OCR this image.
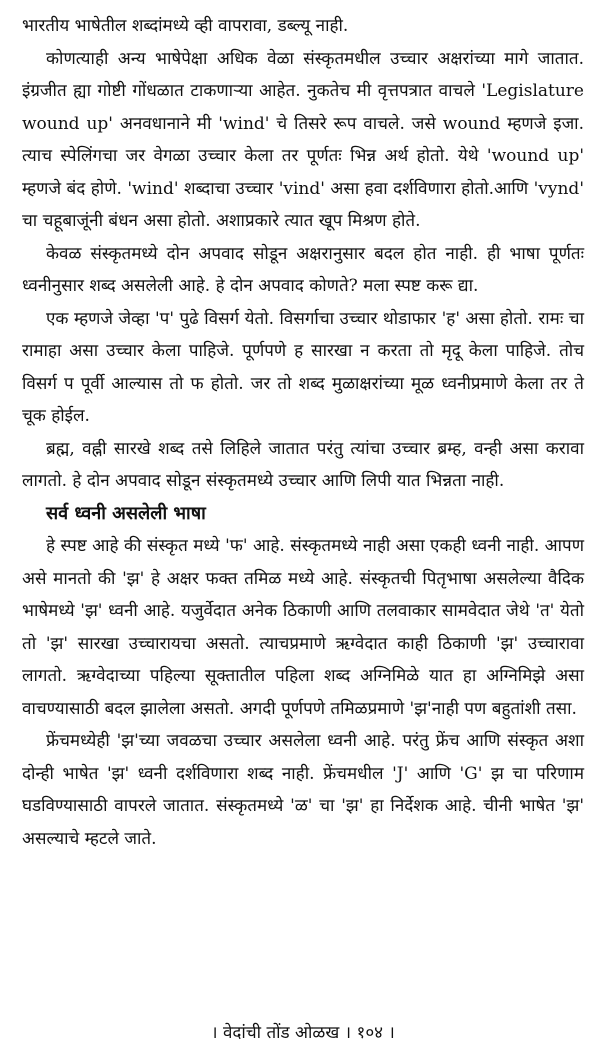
भारतीय भाषेतील शब्दांमध्ये व्ही वापरावा, डब्ल्यू नाही.

कोणत्याही अन्य भाषेपेक्षा अधिक वेळा संस्कृतमधील उच्चार अक्षरांच्या मागे जातात. इंग्रजीत ह्या गोष्टी गोंधळात टाकणाऱ्या आहेत. नुकतेच मी वृत्तपत्रात वाचले 'Legislature wound up' अनवधानाने मी 'wind' चे तिसरे रूप वाचले. जसे wound म्हणजे इजा. त्याच स्पेलिंगचा जर वेगळा उच्चार केला तर पूर्णतः भिन्न अर्थ होतो. येथे 'wound up' म्हणजे बंद होणे. 'wind' शब्दाचा उच्चार 'vind' असा हवा दर्शविणारा होतो.आणि 'vynd' चा चहूबाजूंनी बंधन असा होतो. अशाप्रकारे त्यात खूप मिश्रण होते.

केवळ संस्कृतमध्ये दोन अपवाद सोडून अक्षरानुसार बदल होत नाही. ही भाषा पूर्णतः ध्वनीनुसार शब्द असलेली आहे. हे दोन अपवाद कोणते? मला स्पष्ट करू द्या.

एक म्हणजे जेव्हा 'प' पुढे विसर्ग येतो. विसर्गाचा उच्चार थोडाफार 'ह' असा होतो. रामः चा रामाहा असा उच्चार केला पाहिजे. पूर्णपणे ह सारखा न करता तो मृदू केला पाहिजे. तोच विसर्ग प पूर्वी आल्यास तो फ होतो. जर तो शब्द मुळाक्षरांच्या मूळ ध्वनीप्रमाणे केला तर ते चूक होईल.

ब्रह्म, वह्नी सारखे शब्द तसे लिहिले जातात परंतु त्यांचा उच्चार ब्रम्ह, वन्ही असा करावा लागतो. हे दोन अपवाद सोडून संस्कृतमध्ये उच्चार आणि लिपी यात भिन्नता नाही.

सर्व ध्वनी असलेली भाषा

हे स्पष्ट आहे की संस्कृत मध्ये 'फ' आहे. संस्कृतमध्ये नाही असा एकही ध्वनी नाही. आपण असे मानतो की 'झ' हे अक्षर फक्त तमिळ मध्ये आहे. संस्कृतची पितृभाषा असलेल्या वैदिक भाषेमध्ये 'झ' ध्वनी आहे. यजुर्वेदात अनेक ठिकाणी आणि तलवाकार सामवेदात जेथे 'त' येतो तो 'झ' सारखा उच्चारायचा असतो. त्याचप्रमाणे ऋग्वेदात काही ठिकाणी 'झ' उच्चारावा लागतो. ऋग्वेदाच्या पहिल्या सूक्तातील पहिला शब्द अग्निमिळे यात हा अग्निमिझे असा वाचण्यासाठी बदल झालेला असतो. अगदी पूर्णपणे तमिळप्रमाणे 'झ'नाही पण बहुतांशी तसा.

फ्रेंचमध्येही 'झ'च्या जवळचा उच्चार असलेला ध्वनी आहे. परंतु फ्रेंच आणि संस्कृत अशा दोन्ही भाषेत 'झ' ध्वनी दर्शविणारा शब्द नाही. फ्रेंचमधील 'J' आणि 'G' झ चा परिणाम घडविण्यासाठी वापरले जातात. संस्कृतमध्ये 'ळ' चा 'झ' हा निर्देशक आहे. चीनी भाषेत 'झ' असल्याचे म्हटले जाते.

। वेदांची तोंड ओळख । १०४ ।
